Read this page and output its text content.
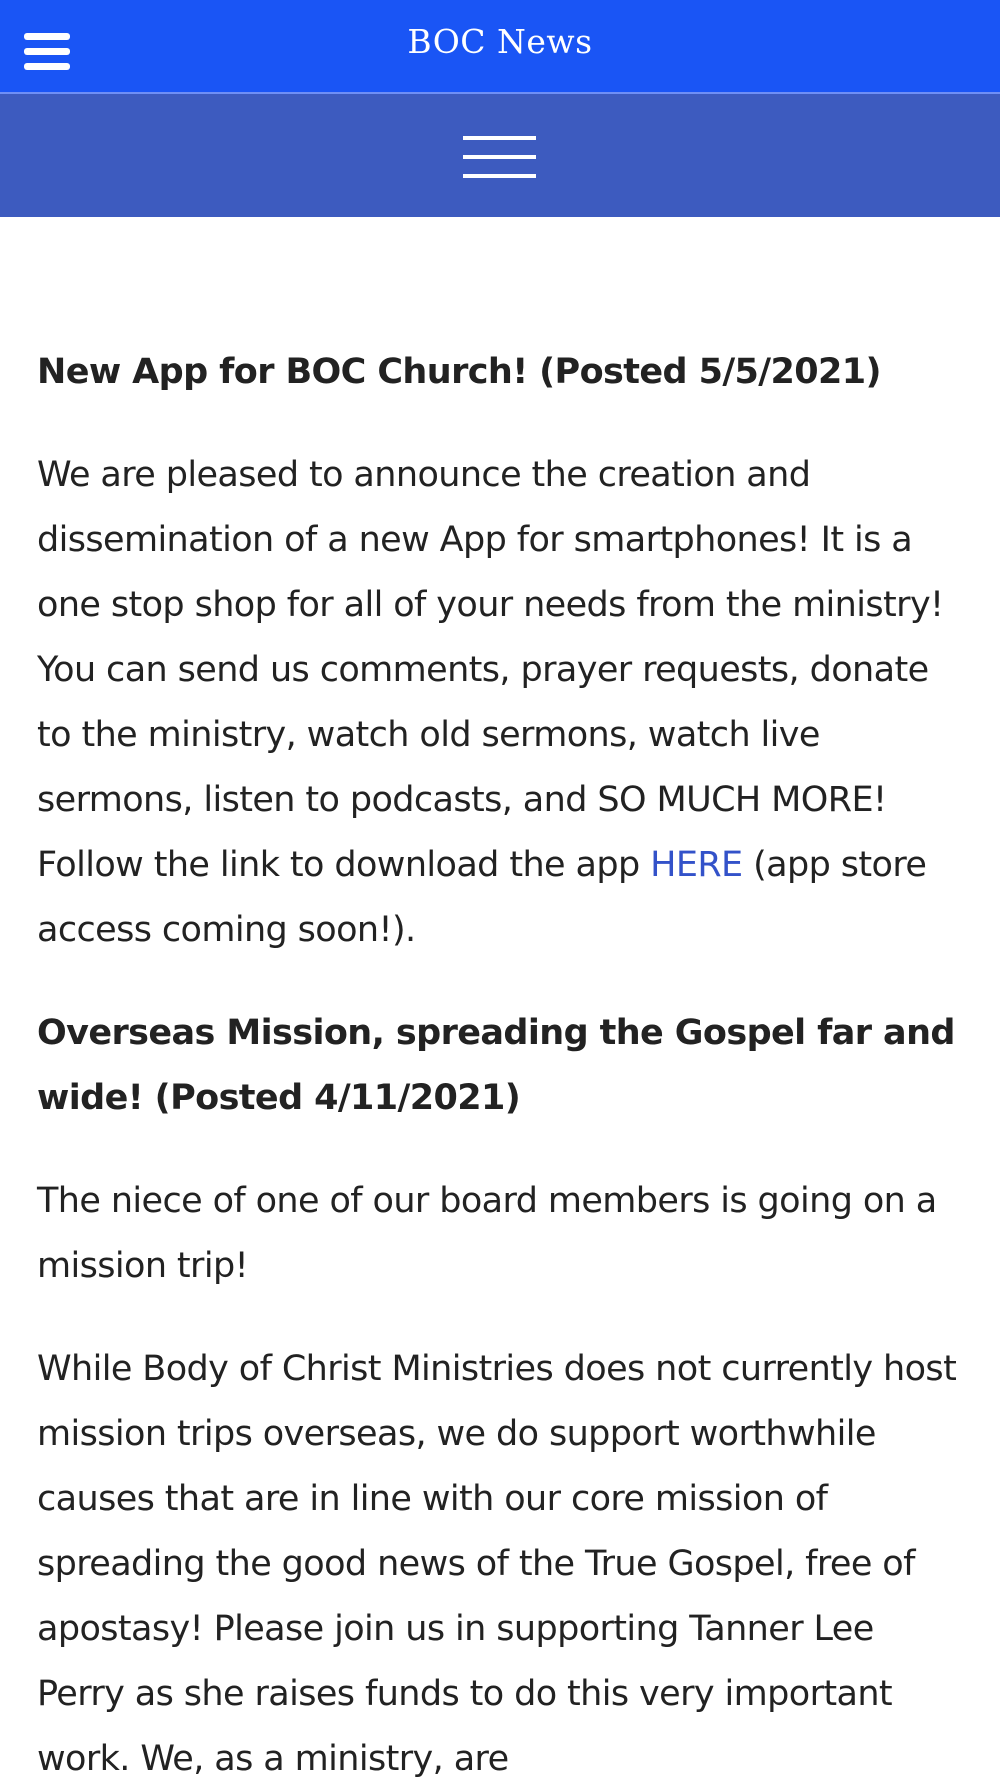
BOC News

New App for BOC Church! (Posted 5/5/2021)

We are pleased to announce the creation and dissemination of a new App for smartphones! It is a one stop shop for all of your needs from the ministry! You can send us comments, prayer requests, donate to the ministry, watch old sermons, watch live sermons, listen to podcasts, and SO MUCH MORE! Follow the link to download the app HERE (app store access coming soon!).

Overseas Mission, spreading the Gospel far and wide! (Posted 4/11/2021)

The niece of one of our board members is going on a mission trip!

While Body of Christ Ministries does not currently host mission trips overseas, we do support worthwhile causes that are in line with our core mission of spreading the good news of the True Gospel, free of apostasy! Please join us in supporting Tanner Lee Perry as she raises funds to do this very important work. We, as a ministry, are
